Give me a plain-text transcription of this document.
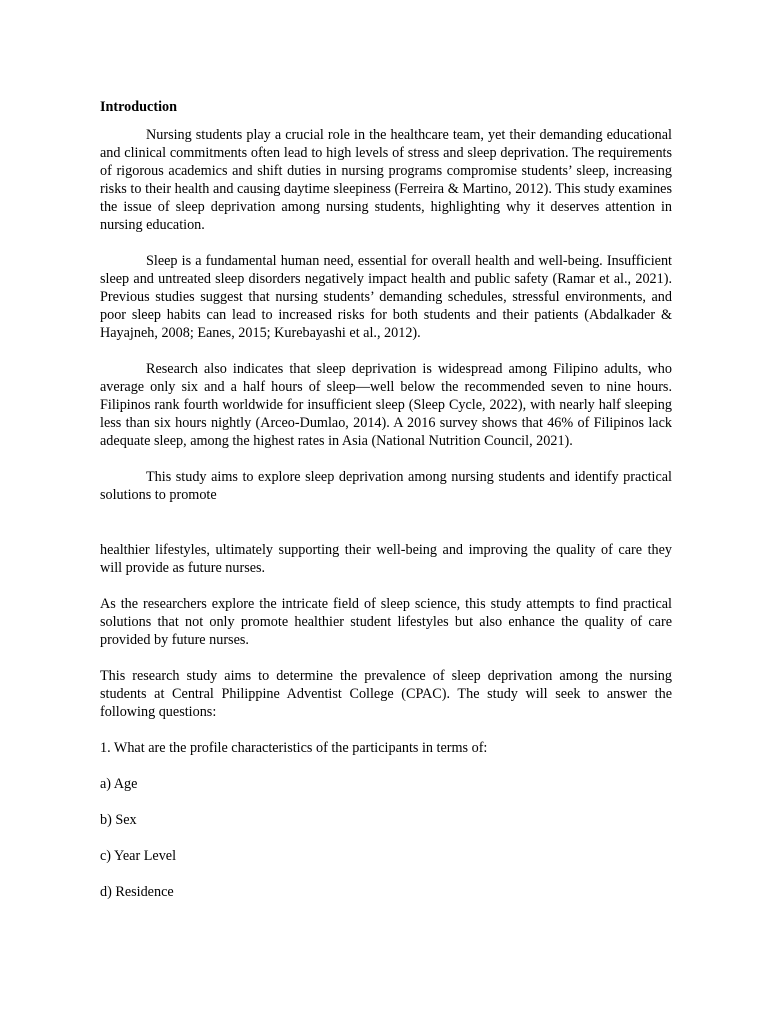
Introduction

Nursing students play a crucial role in the healthcare team, yet their demanding educational and clinical commitments often lead to high levels of stress and sleep deprivation. The requirements of rigorous academics and shift duties in nursing programs compromise students’ sleep, increasing risks to their health and causing daytime sleepiness (Ferreira & Martino, 2012). This study examines the issue of sleep deprivation among nursing students, highlighting why it deserves attention in nursing education.

Sleep is a fundamental human need, essential for overall health and well-being. Insufficient sleep and untreated sleep disorders negatively impact health and public safety (Ramar et al., 2021). Previous studies suggest that nursing students’ demanding schedules, stressful environments, and poor sleep habits can lead to increased risks for both students and their patients (Abdalkader & Hayajneh, 2008; Eanes, 2015; Kurebayashi et al., 2012).

Research also indicates that sleep deprivation is widespread among Filipino adults, who average only six and a half hours of sleep—well below the recommended seven to nine hours. Filipinos rank fourth worldwide for insufficient sleep (Sleep Cycle, 2022), with nearly half sleeping less than six hours nightly (Arceo-Dumlao, 2014). A 2016 survey shows that 46% of Filipinos lack adequate sleep, among the highest rates in Asia (National Nutrition Council, 2021).

This study aims to explore sleep deprivation among nursing students and identify practical solutions to promote

healthier lifestyles, ultimately supporting their well-being and improving the quality of care they will provide as future nurses.

As the researchers explore the intricate field of sleep science, this study attempts to find practical solutions that not only promote healthier student lifestyles but also enhance the quality of care provided by future nurses.

This research study aims to determine the prevalence of sleep deprivation among the nursing students at Central Philippine Adventist College (CPAC). The study will seek to answer the following questions:

1. What are the profile characteristics of the participants in terms of:

a) Age

b) Sex

c) Year Level

d) Residence
